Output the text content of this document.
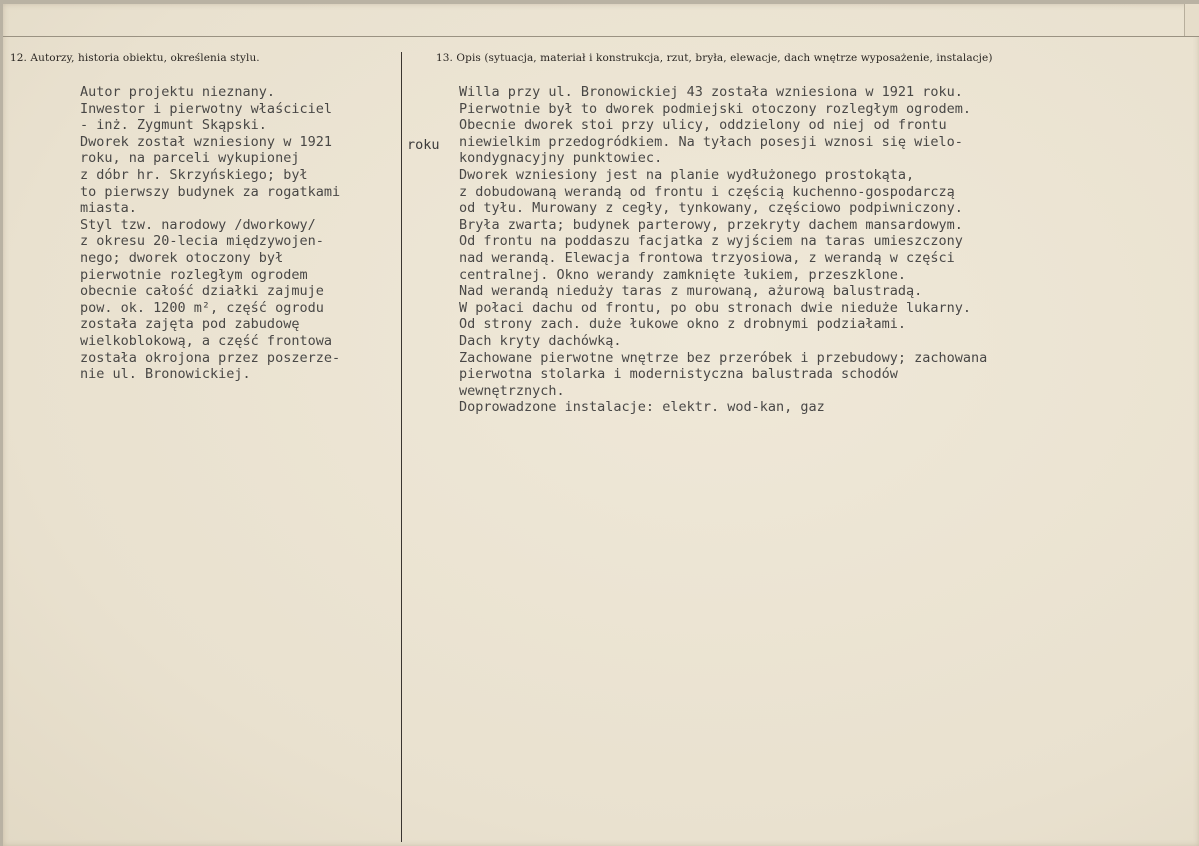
12. Autorzy, historia obiektu, określenia stylu.	13. Opis (sytuacja, materiał i konstrukcja, rzut, bryła, elewacje, dach wnętrze wyposażenie, instalacje)
Autor projektu nieznany.
Inwestor i pierwotny właściciel
- inż. Zygmunt Skąpski.
Dworek został wzniesiony w 1921
roku, na parceli wykupionej
z dóbr hr. Skrzyńskiego; był
to pierwszy budynek za rogatkami
miasta.
Styl tzw. narodowy /dworkowy/
z okresu 20-lecia międzywojen-
nego; dworek otoczony był
pierwotnie rozległym ogrodem
obecnie całość działki zajmuje
pow. ok. 1200 m², część ogrodu
została zajęta pod zabudowę
wielkoblokową, a część frontowa
została okrojona przez poszerze-
nie ul. Bronowickiej.
roku
Willa przy ul. Bronowickiej 43 została wzniesiona w 1921 roku.
Pierwotnie był to dworek podmiejski otoczony rozległym ogrodem.
Obecnie dworek stoi przy ulicy, oddzielony od niej od frontu
niewielkim przedogródkiem. Na tyłach posesji wznosi się wielo-
kondygnacyjny punktowiec.
Dworek wzniesiony jest na planie wydłużonego prostokąta,
z dobudowaną werandą od frontu i częścią kuchenno-gospodarczą
od tyłu. Murowany z cegły, tynkowany, częściowo podpiwniczony.
Bryła zwarta; budynek parterowy, przekryty dachem mansardowym.
Od frontu na poddaszu facjatka z wyjściem na taras umieszczony
nad werandą. Elewacja frontowa trzyosiowa, z werandą w części
centralnej. Okno werandy zamknięte łukiem, przeszklone.
Nad werandą niedużу taras z murowaną, ażurową balustradą.
W połaci dachu od frontu, po obu stronach dwie nieduże lukarny.
Od strony zach. duże łukowe okno z drobnymi podziałami.
Dach kryty dachówką.
Zachowane pierwotne wnętrze bez przeróbek i przebudowy; zachowana
pierwotna stolarka i modernistyczna balustrada schodów
wewnętrznych.
Doprowadzone instalacje: elektr. wod-kan, gaz
